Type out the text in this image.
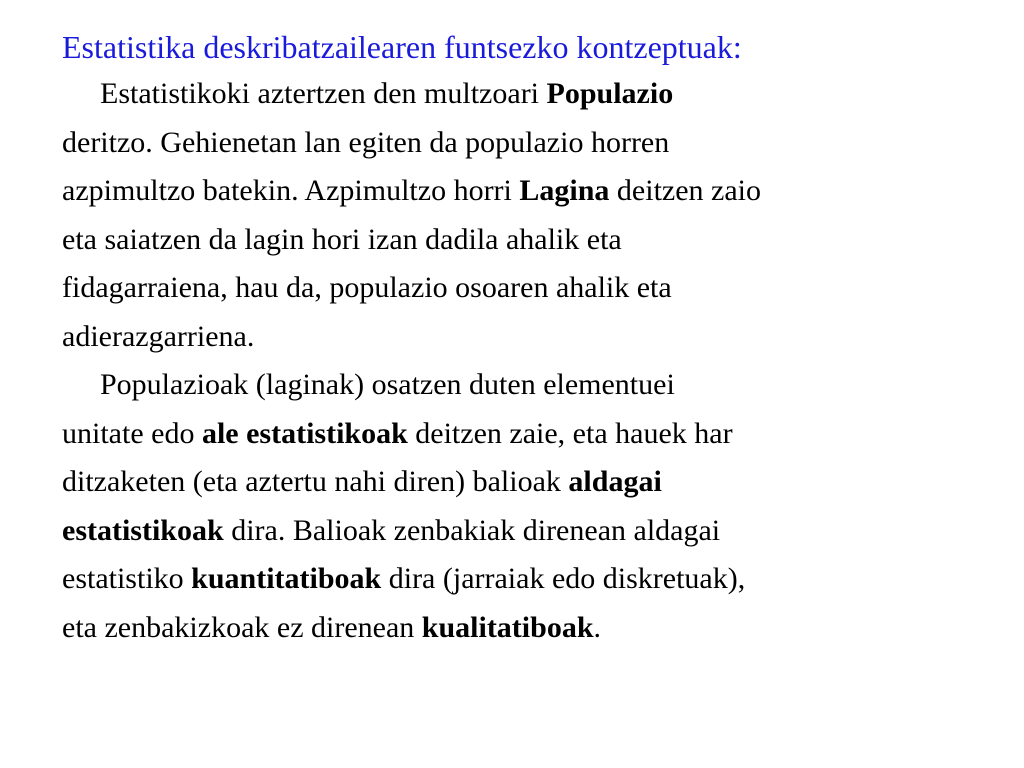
Estatistika deskribatzailearen funtsezko kontzeptuak:

Estatistikoki aztertzen den multzoari Populazio
deritzo. Gehienetan lan egiten da populazio horren
azpimultzo batekin. Azpimultzo horri Lagina deitzen zaio
eta saiatzen da lagin hori izan dadila ahalik eta
fidagarraiena, hau da, populazio osoaren ahalik eta
adierazgarriena.

Populazioak (laginak) osatzen duten elementuei
unitate edo ale estatistikoak deitzen zaie, eta hauek har
ditzaketen (eta aztertu nahi diren) balioak aldagai
estatistikoak dira. Balioak zenbakiak direnean aldagai
estatistiko kuantitatiboak dira (jarraiak edo diskretuak),
eta zenbakizkoak ez direnean kualitatiboak.
